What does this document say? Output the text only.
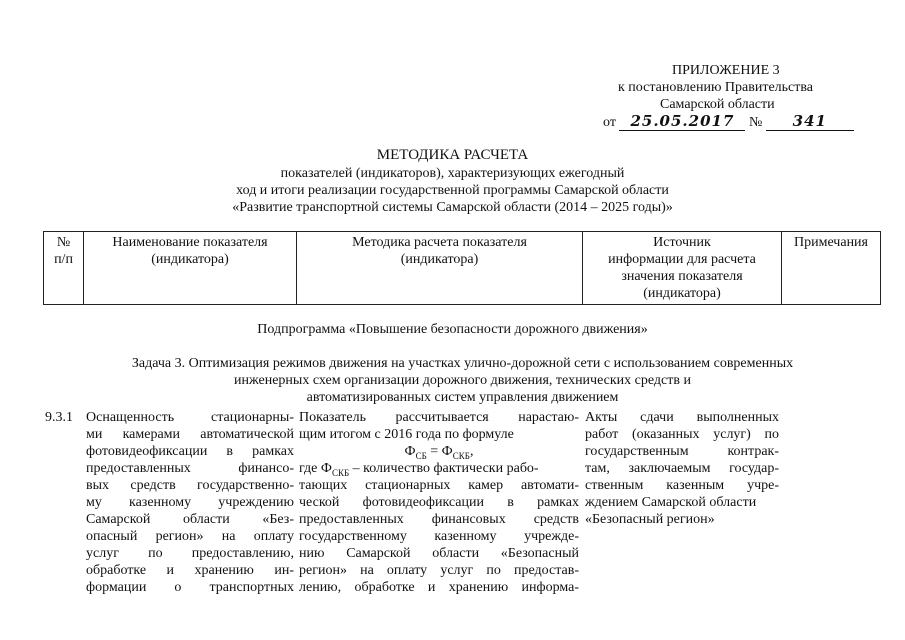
ПРИЛОЖЕНИЕ 3
к постановлению Правительства
Самарской области
от 25.05.2017 № 341
МЕТОДИКА РАСЧЕТА
показателей (индикаторов), характеризующих ежегодный
ход и итоги реализации государственной программы Самарской области
«Развитие транспортной системы Самарской области (2014 – 2025 годы)»
№
п/п
Наименование показателя
(индикатора)
Методика расчета показателя
(индикатора)
Источник
информации для расчета
значения показателя
(индикатора)
Примечания
Подпрограмма «Повышение безопасности дорожного движения»
Задача 3. Оптимизация режимов движения на участках улично-дорожной сети с использованием современных
инженерных схем организации дорожного движения, технических средств и
автоматизированных систем управления движением
9.3.1 Оснащенность стационарны-
ми камерами автоматической
фотовидеофиксации в рамках
предоставленных финансо-
вых средств государственно-
му казенному учреждению
Самарской области «Без-
опасный регион» на оплату
услуг по предоставлению,
обработке и хранению ин-
формации о транспортных
Показатель рассчитывается нарастаю-
щим итогом с 2016 года по формуле
$Ф_{СБ} = Ф_{СКБ}$,
где $Ф_{СКБ}$ – количество фактически рабо-
тающих стационарных камер автомати-
ческой фотовидеофиксации в рамках
предоставленных финансовых средств
государственному казенному учрежде-
нию Самарской области «Безопасный
регион» на оплату услуг по предостав-
лению, обработке и хранению информа-
Акты сдачи выполненных
работ (оказанных услуг) по
государственным контрак-
там, заключаемым государ-
ственным казенным учре-
ждением Самарской области
«Безопасный регион»
